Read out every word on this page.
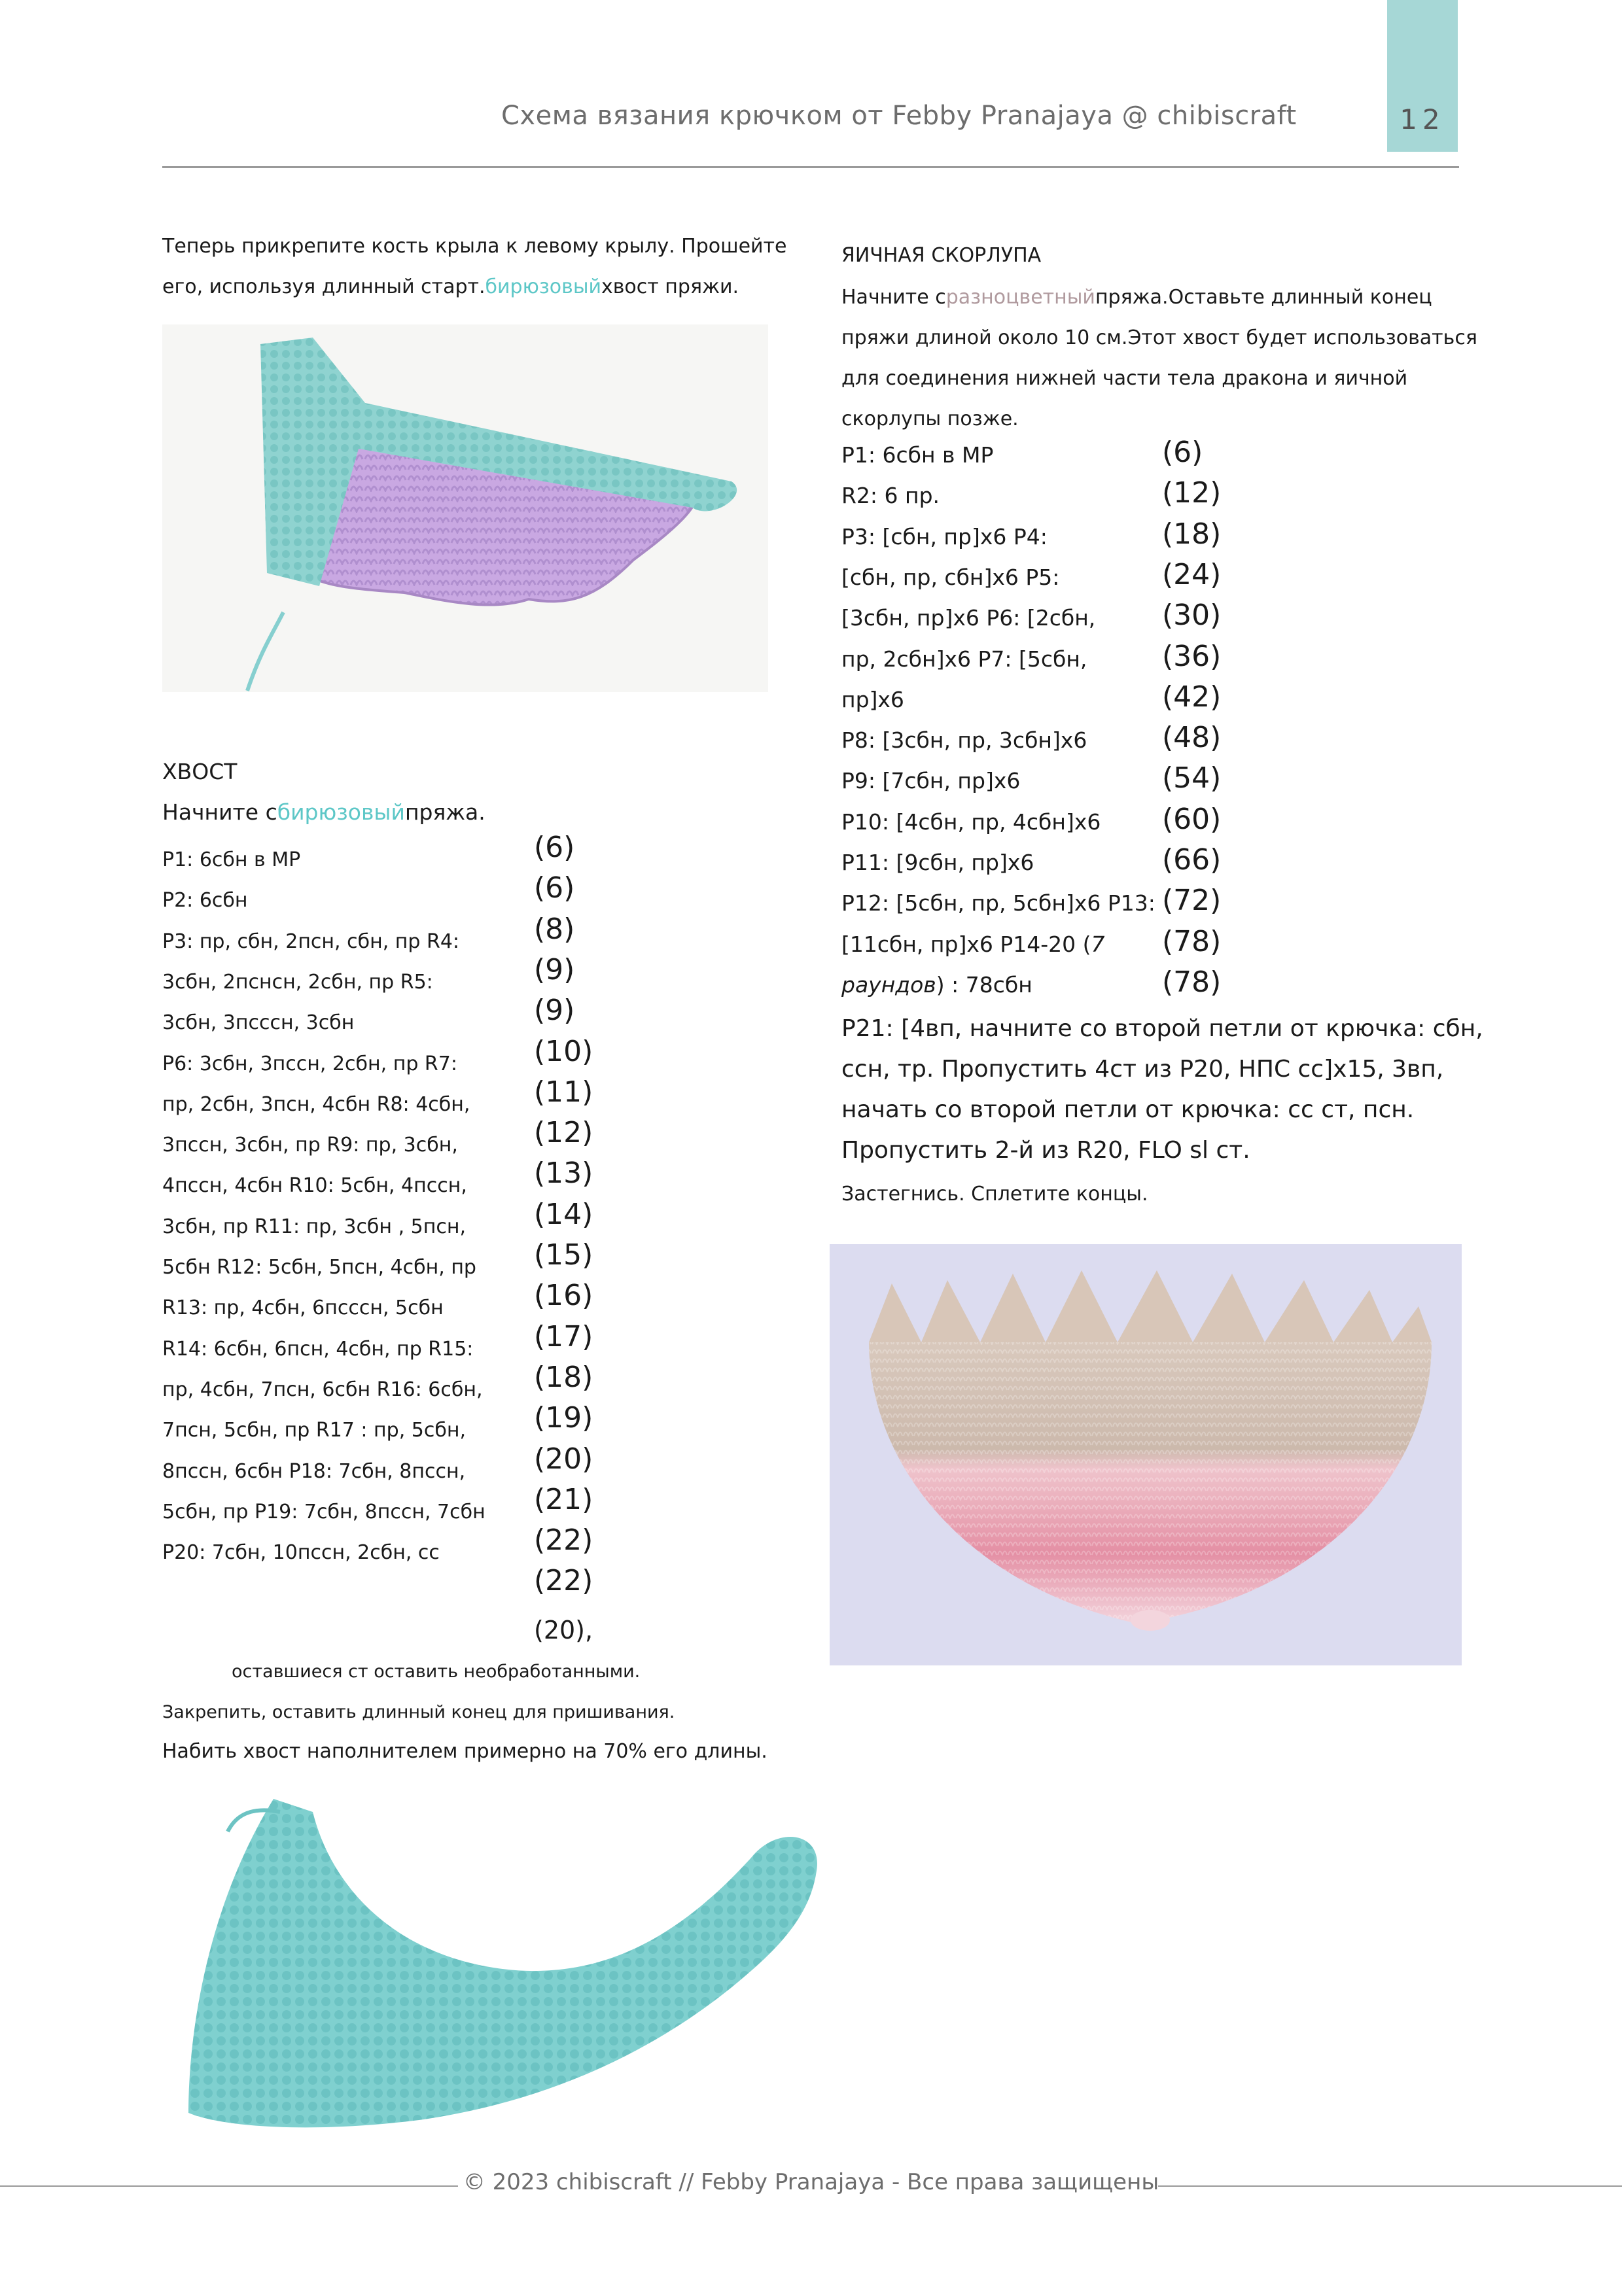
12
Схема вязания крючком от Febby Pranajaya @ chibiscraft
Теперь прикрепите кость крыла к левому крылу. Прошейте
его, используя длинный старт.бирюзовыйхвост пряжи.
ХВОСТ
Начните сбирюзовыйпряжа.
Р1: 6сбн в МР
Р2: 6сбн
Р3: пр, сбн, 2псн, сбн, пр R4:
3сбн, 2пснсн, 2сбн, пр R5:
3сбн, 3псссн, 3сбн
Р6: 3сбн, 3пссн, 2сбн, пр R7:
пр, 2сбн, 3псн, 4сбн R8: 4сбн,
3пссн, 3сбн, пр R9: пр, 3сбн,
4пссн, 4сбн R10: 5сбн, 4пссн,
3сбн, пр R11: пр, 3сбн , 5псн,
5сбн R12: 5сбн, 5псн, 4сбн, пр
R13: пр, 4сбн, 6псссн, 5сбн
R14: 6сбн, 6псн, 4сбн, пр R15:
пр, 4сбн, 7псн, 6сбн R16: 6сбн,
7псн, 5сбн, пр R17 : пр, 5сбн,
8пссн, 6сбн P18: 7сбн, 8пссн,
5сбн, пр P19: 7сбн, 8пссн, 7сбн
P20: 7сбн, 10пссн, 2сбн, сс
(6)
(6)
(8)
(9)
(9)
(10)
(11)
(12)
(13)
(14)
(15)
(16)
(17)
(18)
(19)
(20)
(21)
(22)
(22)
(20),
оставшиеся ст оставить необработанными.
Закрепить, оставить длинный конец для пришивания.
Набить хвост наполнителем примерно на 70% его длины.
ЯИЧНАЯ СКОРЛУПА
Начните сразноцветныйпряжа.Оставьте длинный конец
пряжи длиной около 10 см.Этот хвост будет использоваться
для соединения нижней части тела дракона и яичной
скорлупы позже.
P1: 6сбн в МР
R2: 6 пр.
Р3: [сбн, пр]x6 P4:
[сбн, пр, сбн]x6 P5:
[3сбн, пр]x6 P6: [2сбн,
пр, 2сбн]x6 P7: [5сбн,
пр]x6
P8: [3сбн, пр, 3сбн]x6
P9: [7сбн, пр]x6
P10: [4сбн, пр, 4сбн]x6
P11: [9сбн, пр]x6
P12: [5сбн, пр, 5сбн]x6 P13:
[11сбн, пр]x6 P14-20 (7
раундов) : 78сбн
(6)
(12)
(18)
(24)
(30)
(36)
(42)
(48)
(54)
(60)
(66)
(72)
(78)
(78)
P21: [4вп, начните со второй петли от крючка: сбн,
ссн, тр. Пропустить 4ст из P20, НПС сс]x15, 3вп,
начать со второй петли от крючка: сс ст, псн.
Пропустить 2-й из R20, FLO sl ст.
Застегнись. Сплетите концы.
© 2023 chibiscraft // Febby Pranajaya - Все права защищены
